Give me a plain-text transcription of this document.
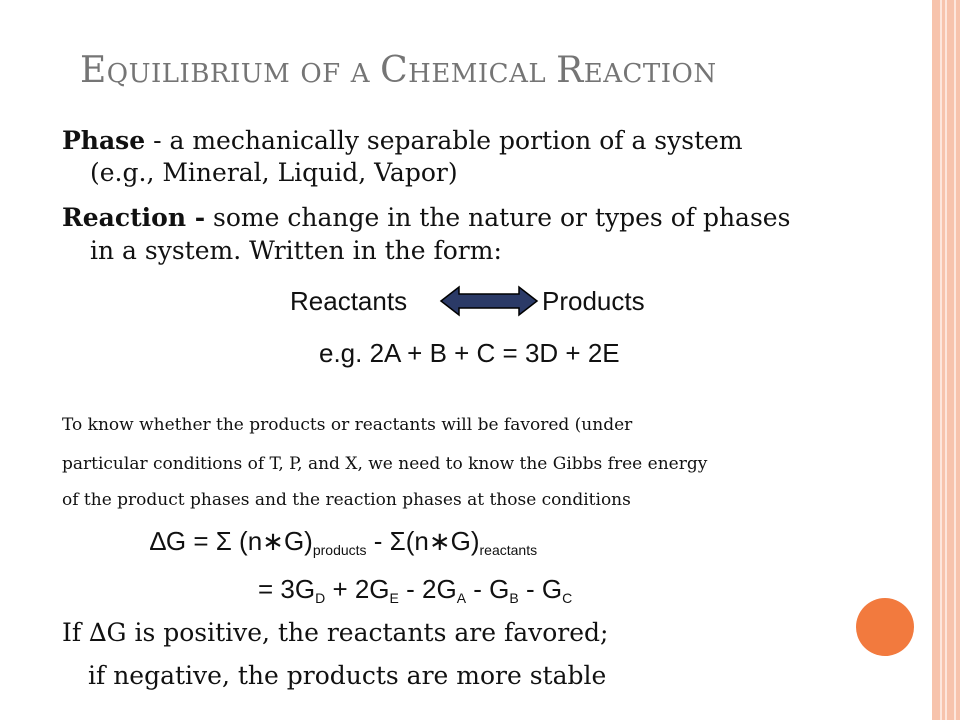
EQUILIBRIUM OF A CHEMICAL REACTION
Phase - a mechanically separable portion of a system
(e.g., Mineral, Liquid, Vapor)
Reaction - some change in the nature or types of phases
in a system. Written in the form:
Reactants	Products
e.g. 2A + B + C = 3D + 2E
To know whether the products or reactants will be favored (under
particular conditions of T, P, and X, we need to know the Gibbs free energy
of the product phases and the reaction phases at those conditions
∆G = Σ $(n∗G)_{products}$ - $\Sigma(n∗G)_{reactants}$
= $3G_D + 2G_E - 2G_A - G_B - G_C$
If ∆G is positive, the reactants are favored;
if negative, the products are more stable
